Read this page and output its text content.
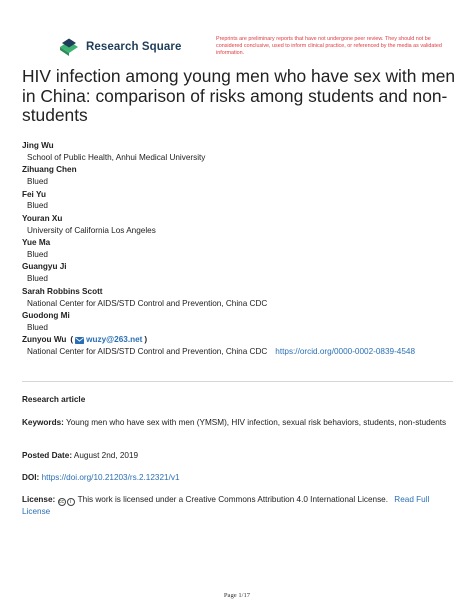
Research Square
Preprints are preliminary reports that have not undergone peer review. They should not be considered conclusive, used to inform clinical practice, or referenced by the media as validated information.
HIV infection among young men who have sex with men in China: comparison of risks among students and non-students
Jing Wu
School of Public Health, Anhui Medical University
Zihuang Chen
Blued
Fei Yu
Blued
Youran Xu
University of California Los Angeles
Yue Ma
Blued
Guangyu Ji
Blued
Sarah Robbins Scott
National Center for AIDS/STD Control and Prevention, China CDC
Guodong Mi
Blued
Zunyou Wu ( wuzy@263.net )
National Center for AIDS/STD Control and Prevention, China CDC https://orcid.org/0000-0002-0839-4548
Research article
Keywords: Young men who have sex with men (YMSM), HIV infection, sexual risk behaviors, students, non-students
Posted Date: August 2nd, 2019
DOI: https://doi.org/10.21203/rs.2.12321/v1
License: cc i This work is licensed under a Creative Commons Attribution 4.0 International License. Read Full License
Page 1/17
